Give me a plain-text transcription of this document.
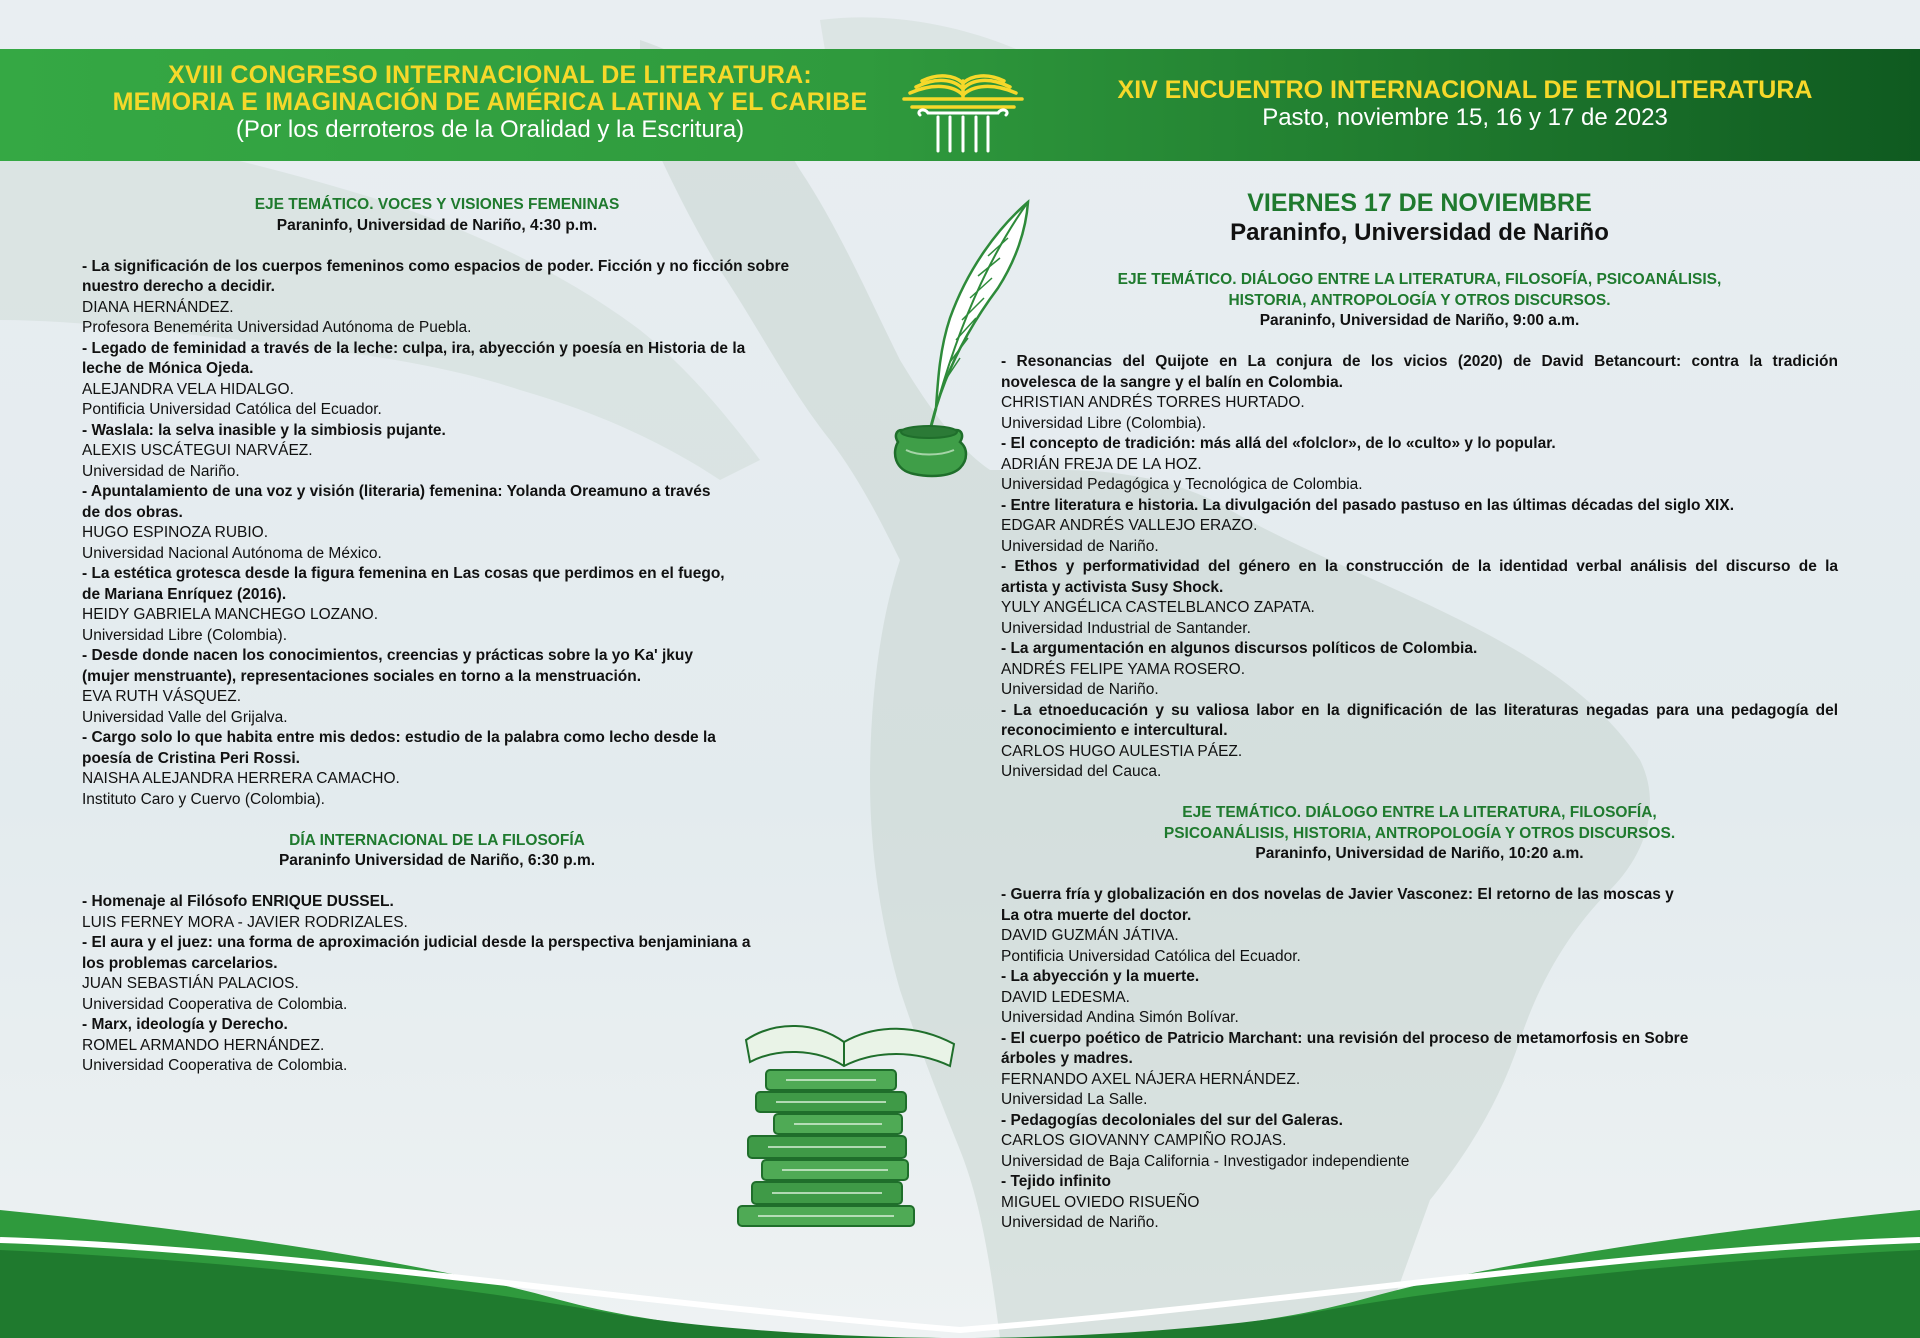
XVIII CONGRESO INTERNACIONAL DE LITERATURA:
MEMORIA E IMAGINACIÓN DE AMÉRICA LATINA Y EL CARIBE
(Por los derroteros de la Oralidad y la Escritura)
XIV ENCUENTRO INTERNACIONAL DE ETNOLITERATURA
Pasto, noviembre 15, 16 y 17 de 2023
EJE TEMÁTICO. VOCES Y VISIONES FEMENINAS
Paraninfo, Universidad de Nariño, 4:30 p.m.
- La significación de los cuerpos femeninos como espacios de poder. Ficción y no ficción sobre
nuestro derecho a decidir.
DIANA HERNÁNDEZ.
Profesora Benemérita Universidad Autónoma de Puebla.
- Legado de feminidad a través de la leche: culpa, ira, abyección y poesía en Historia de la
leche de Mónica Ojeda.
ALEJANDRA VELA HIDALGO.
Pontificia Universidad Católica del Ecuador.
- Waslala: la selva inasible y la simbiosis pujante.
ALEXIS USCÁTEGUI NARVÁEZ.
Universidad de Nariño.
- Apuntalamiento de una voz y visión (literaria) femenina: Yolanda Oreamuno a través
de dos obras.
HUGO ESPINOZA RUBIO.
Universidad Nacional Autónoma de México.
- La estética grotesca desde la figura femenina en Las cosas que perdimos en el fuego,
de Mariana Enríquez (2016).
HEIDY GABRIELA MANCHEGO LOZANO.
Universidad Libre (Colombia).
- Desde donde nacen los conocimientos, creencias y prácticas sobre la yo Ka' jkuy
(mujer menstruante), representaciones sociales en torno a la menstruación.
EVA RUTH VÁSQUEZ.
Universidad Valle del Grijalva.
- Cargo solo lo que habita entre mis dedos: estudio de la palabra como lecho desde la
poesía de Cristina Peri Rossi.
NAISHA ALEJANDRA HERRERA CAMACHO.
Instituto Caro y Cuervo (Colombia).
DÍA INTERNACIONAL DE LA FILOSOFÍA
Paraninfo Universidad de Nariño, 6:30 p.m.
- Homenaje al Filósofo ENRIQUE DUSSEL.
LUIS FERNEY MORA - JAVIER RODRIZALES.
- El aura y el juez: una forma de aproximación judicial desde la perspectiva benjaminiana a
los problemas carcelarios.
JUAN SEBASTIÁN PALACIOS.
Universidad Cooperativa de Colombia.
- Marx, ideología y Derecho.
ROMEL ARMANDO HERNÁNDEZ.
Universidad Cooperativa de Colombia.
VIERNES 17 DE NOVIEMBRE
Paraninfo, Universidad de Nariño
EJE TEMÁTICO. DIÁLOGO ENTRE LA LITERATURA, FILOSOFÍA, PSICOANÁLISIS,
HISTORIA, ANTROPOLOGÍA Y OTROS DISCURSOS.
Paraninfo, Universidad de Nariño, 9:00 a.m.
- Resonancias del Quijote en La conjura de los vicios (2020) de David Betancourt: contra la tradición
novelesca de la sangre y el balín en Colombia.
CHRISTIAN ANDRÉS TORRES HURTADO.
Universidad Libre (Colombia).
- El concepto de tradición: más allá del «folclor», de lo «culto» y lo popular.
ADRIÁN FREJA DE LA HOZ.
Universidad Pedagógica y Tecnológica de Colombia.
- Entre literatura e historia. La divulgación del pasado pastuso en las últimas décadas del siglo XIX.
EDGAR ANDRÉS VALLEJO ERAZO.
Universidad de Nariño.
- Ethos y performatividad del género en la construcción de la identidad verbal análisis del discurso de la
artista y activista Susy Shock.
YULY ANGÉLICA CASTELBLANCO ZAPATA.
Universidad Industrial de Santander.
- La argumentación en algunos discursos políticos de Colombia.
ANDRÉS FELIPE YAMA ROSERO.
Universidad de Nariño.
- La etnoeducación y su valiosa labor en la dignificación de las literaturas negadas para una pedagogía del
reconocimiento e intercultural.
CARLOS HUGO AULESTIA PÁEZ.
Universidad del Cauca.
EJE TEMÁTICO. DIÁLOGO ENTRE LA LITERATURA, FILOSOFÍA,
PSICOANÁLISIS, HISTORIA, ANTROPOLOGÍA Y OTROS DISCURSOS.
Paraninfo, Universidad de Nariño, 10:20 a.m.
- Guerra fría y globalización en dos novelas de Javier Vasconez: El retorno de las moscas y
La otra muerte del doctor.
DAVID GUZMÁN JÁTIVA.
Pontificia Universidad Católica del Ecuador.
- La abyección y la muerte.
DAVID LEDESMA.
Universidad Andina Simón Bolívar.
- El cuerpo poético de Patricio Marchant: una revisión del proceso de metamorfosis en Sobre
árboles y madres.
FERNANDO AXEL NÁJERA HERNÁNDEZ.
Universidad La Salle.
- Pedagogías decoloniales del sur del Galeras.
CARLOS GIOVANNY CAMPIÑO ROJAS.
Universidad de Baja California - Investigador independiente
- Tejido infinito
MIGUEL OVIEDO RISUEÑO
Universidad de Nariño.
